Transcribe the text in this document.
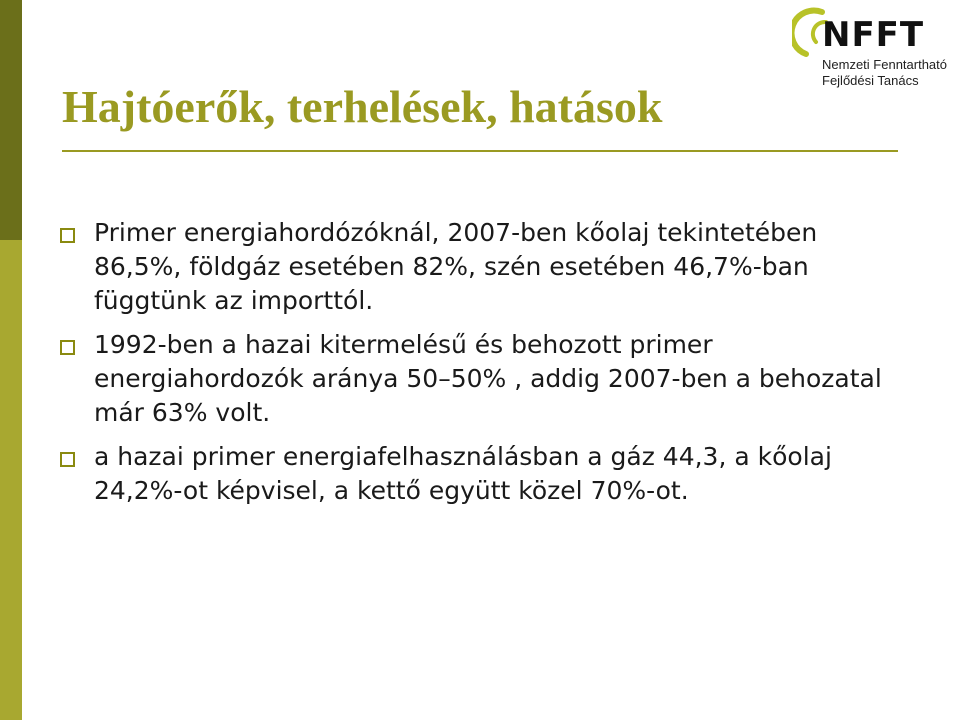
NFFT
Nemzeti Fenntartható
Fejlődési Tanács
Hajtóerők, terhelések, hatások
Primer energiahordózóknál, 2007-ben kőolaj tekintetében 86,5%, földgáz esetében 82%, szén esetében 46,7%-ban függtünk az importtól.
1992-ben a hazai kitermelésű és behozott primer energiahordozók aránya 50–50% , addig 2007-ben a behozatal már 63% volt.
a hazai primer energiafelhasználásban a gáz 44,3, a kőolaj 24,2%-ot képvisel, a kettő együtt közel 70%-ot.
